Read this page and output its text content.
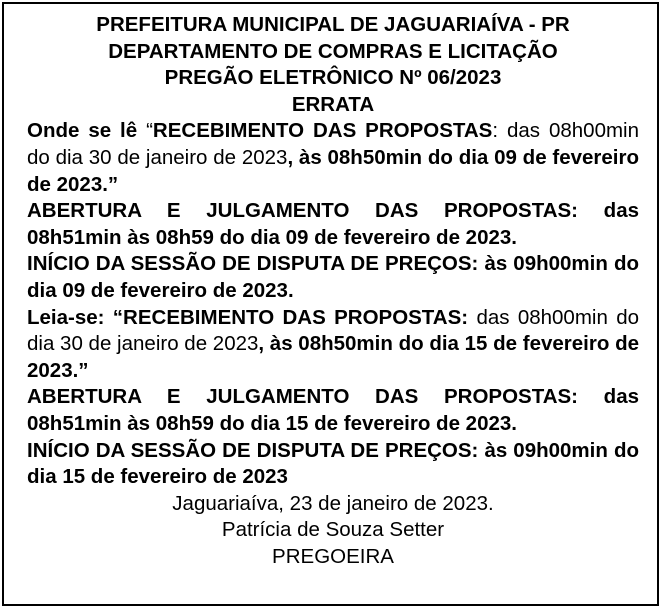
PREFEITURA MUNICIPAL DE JAGUARIAÍVA - PR
DEPARTAMENTO DE COMPRAS E LICITAÇÃO
PREGÃO ELETRÔNICO Nº 06/2023
ERRATA
Onde se lê “RECEBIMENTO DAS PROPOSTAS: das 08h00min do dia 30 de janeiro de 2023, às 08h50min do dia 09 de fevereiro de 2023.”
ABERTURA E JULGAMENTO DAS PROPOSTAS: das 08h51min às 08h59 do dia 09 de fevereiro de 2023.
INÍCIO DA SESSÃO DE DISPUTA DE PREÇOS: às 09h00min do dia 09 de fevereiro de 2023.
Leia-se: “RECEBIMENTO DAS PROPOSTAS: das 08h00min do dia 30 de janeiro de 2023, às 08h50min do dia 15 de fevereiro de 2023.”
ABERTURA E JULGAMENTO DAS PROPOSTAS: das 08h51min às 08h59 do dia 15 de fevereiro de 2023.
INÍCIO DA SESSÃO DE DISPUTA DE PREÇOS: às 09h00min do dia 15 de fevereiro de 2023
Jaguariaíva, 23 de janeiro de 2023.
Patrícia de Souza Setter
PREGOEIRA
